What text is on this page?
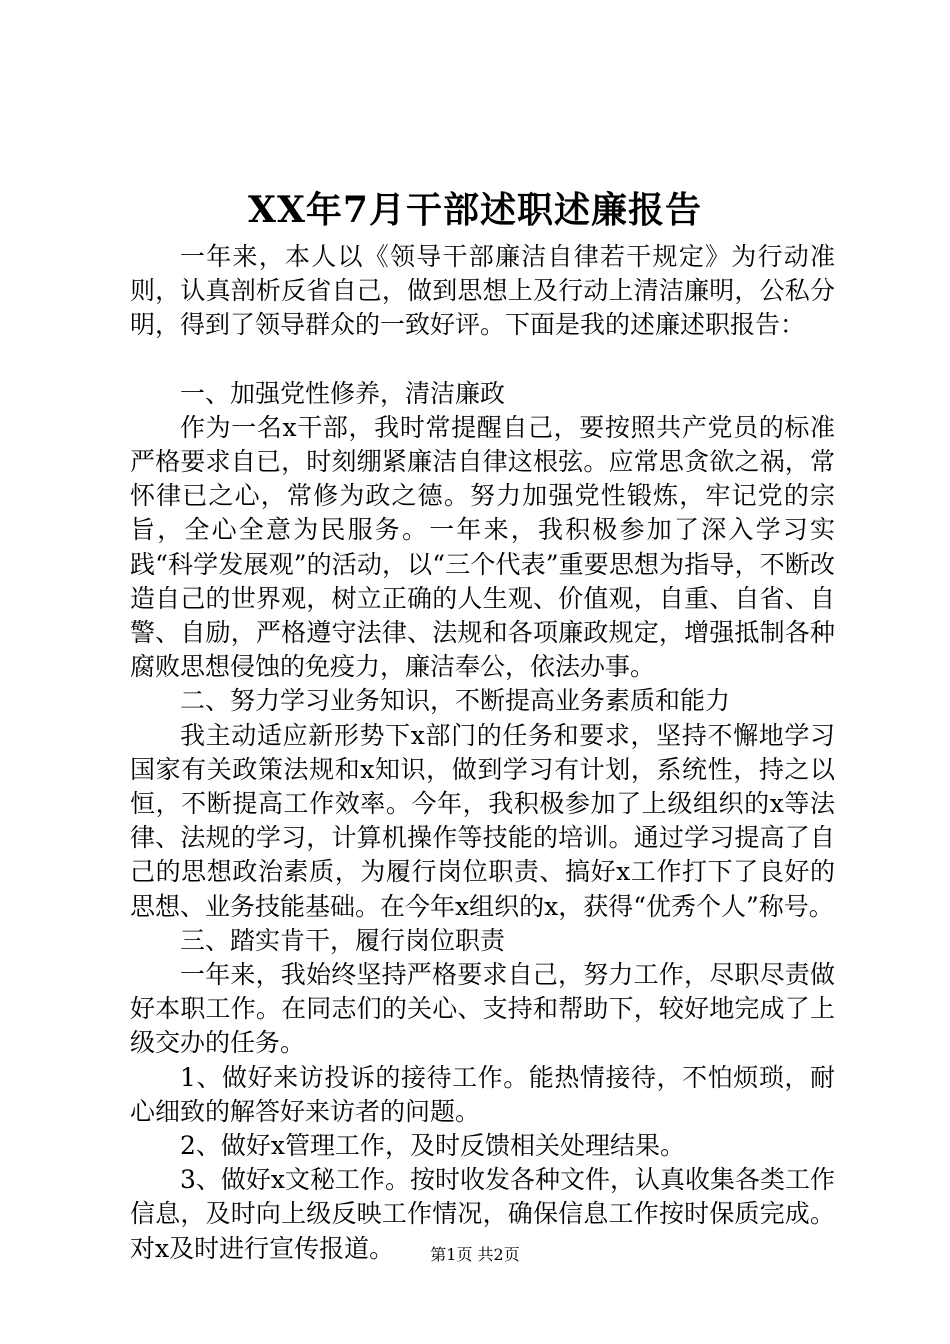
XX年7月干部述职述廉报告

一年来，本人以《领导干部廉洁自律若干规定》为行动准则，认真剖析反省自己，做到思想上及行动上清洁廉明，公私分明，得到了领导群众的一致好评。下面是我的述廉述职报告：

一、加强党性修养，清洁廉政

作为一名x干部，我时常提醒自己，要按照共产党员的标准严格要求自已，时刻绷紧廉洁自律这根弦。应常思贪欲之祸，常怀律已之心，常修为政之德。努力加强党性锻炼，牢记党的宗旨，全心全意为民服务。一年来，我积极参加了深入学习实践“科学发展观”的活动，以“三个代表”重要思想为指导，不断改造自己的世界观，树立正确的人生观、价值观，自重、自省、自警、自励，严格遵守法律、法规和各项廉政规定，增强抵制各种腐败思想侵蚀的免疫力，廉洁奉公，依法办事。

二、努力学习业务知识，不断提高业务素质和能力

我主动适应新形势下x部门的任务和要求，坚持不懈地学习国家有关政策法规和x知识，做到学习有计划，系统性，持之以恒，不断提高工作效率。今年，我积极参加了上级组织的x等法律、法规的学习，计算机操作等技能的培训。通过学习提高了自己的思想政治素质，为履行岗位职责、搞好x工作打下了良好的思想、业务技能基础。在今年x组织的x，获得“优秀个人”称号。

三、踏实肯干，履行岗位职责

一年来，我始终坚持严格要求自己，努力工作，尽职尽责做好本职工作。在同志们的关心、支持和帮助下，较好地完成了上级交办的任务。

1、做好来访投诉的接待工作。能热情接待，不怕烦琐，耐心细致的解答好来访者的问题。

2、做好x管理工作，及时反馈相关处理结果。

3、做好x文秘工作。按时收发各种文件，认真收集各类工作信息，及时向上级反映工作情况，确保信息工作按时保质完成。对x及时进行宣传报道。	第1页 共2页
